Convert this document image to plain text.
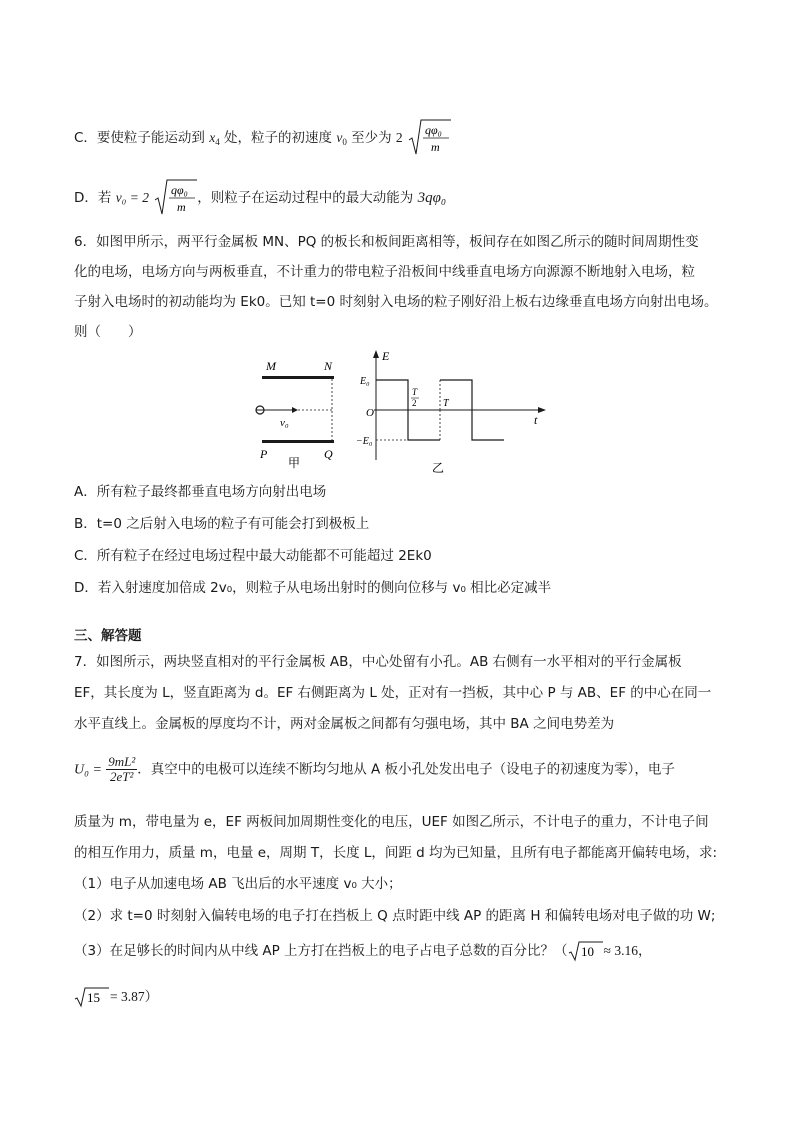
C．要使粒子能运动到 $x_4$ 处，粒子的初速度 $v_0$ 至少为 2 qφ₀
m
D．若 v₀ = 2 qφ₀
m
，则粒子在运动过程中的最大动能为 3qφ₀
6．如图甲所示，两平行金属板 MN、PQ 的板长和板间距离相等，板间存在如图乙所示的随时间周期性变
化的电场，电场方向与两板垂直，不计重力的带电粒子沿板间中线垂直电场方向源源不断地射入电场，粒
子射入电场时的初动能均为 Ek0。已知 t=0 时刻射入电场的粒子刚好沿上板右边缘垂直电场方向射出电场。
则（　　）
M	N
v₀
P	Q
甲
E
E₀
−E₀
O
T
2	T
t
乙
A．所有粒子最终都垂直电场方向射出电场
B．t=0 之后射入电场的粒子有可能会打到极板上
C．所有粒子在经过电场过程中最大动能都不可能超过 2Ek0
D．若入射速度加倍成 2v₀，则粒子从电场出射时的侧向位移与 v₀ 相比必定减半
三、解答题
7．如图所示，两块竖直相对的平行金属板 AB，中心处留有小孔。AB 右侧有一水平相对的平行金属板
EF，其长度为 L，竖直距离为 d。EF 右侧距离为 L 处，正对有一挡板，其中心 P 与 AB、EF 的中心在同一
水平直线上。金属板的厚度均不计，两对金属板之间都有匀强电场，其中 BA 之间电势差为
$U_0 = \frac{\text{9mL²}}{\text{2eT²}}$ ．真空中的电极可以连续不断均匀地从 A 板小孔处发出电子（设电子的初速度为零），电子
质量为 m，带电量为 e，EF 两板间加周期性变化的电压，UEF 如图乙所示，不计电子的重力，不计电子间
的相互作用力，质量 m，电量 e，周期 T，长度 L，间距 d 均为已知量，且所有电子都能离开偏转电场，求:
（1）电子从加速电场 AB 飞出后的水平速度 v₀ 大小；
（2）求 t=0 时刻射入偏转电场的电子打在挡板上 Q 点时距中线 AP 的距离 H 和偏转电场对电子做的功 W;
（3）在足够长的时间内从中线 AP 上方打在挡板上的电子占电子总数的百分比？（ 10 ≈ 3.16，
15 = 3.87）
